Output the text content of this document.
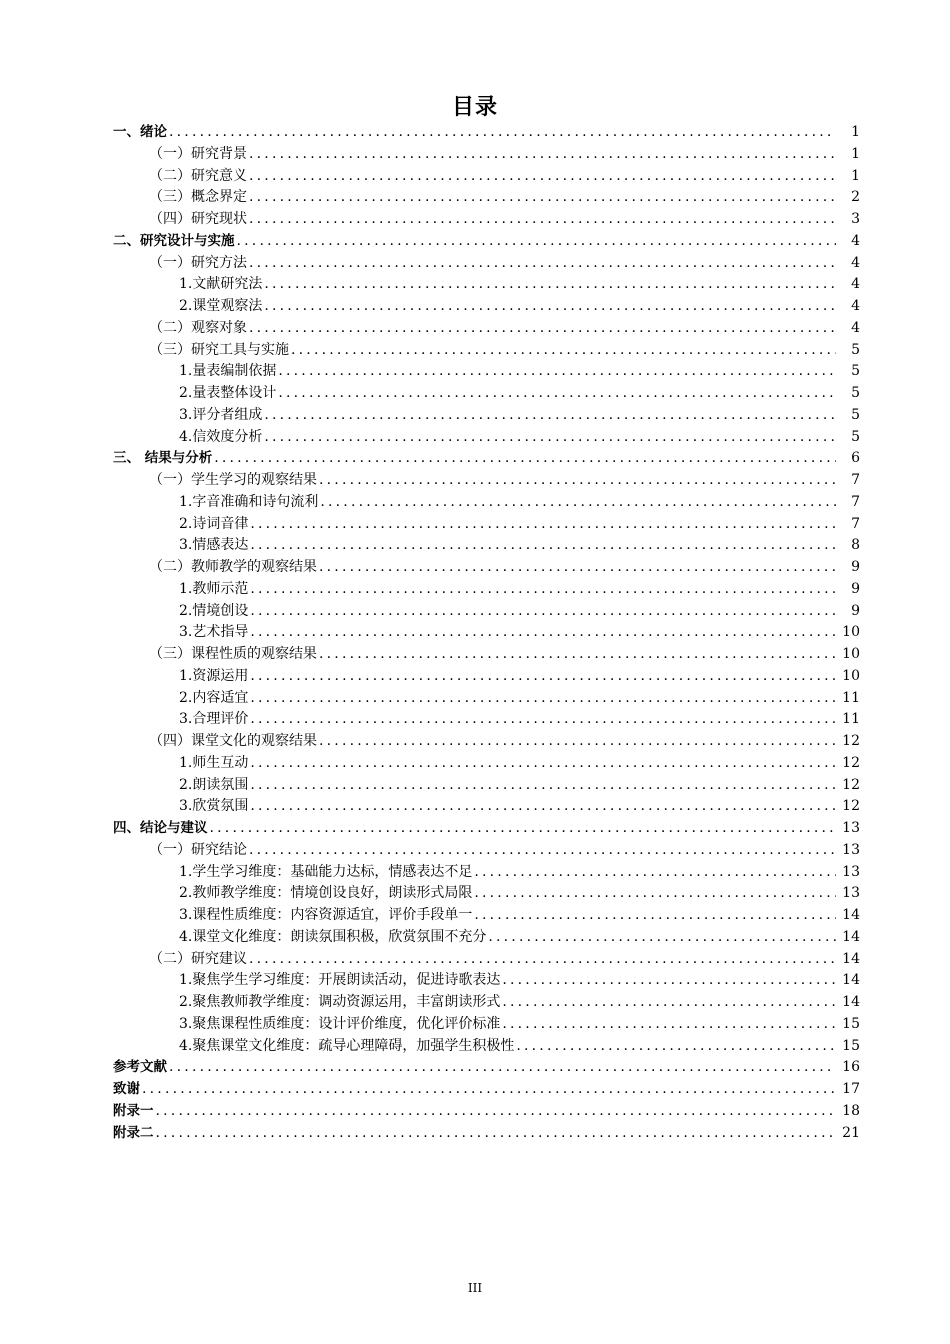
目录
一、绪论 .....	1
（一）研究背景 .....	1
（二）研究意义 .....	1
（三）概念界定 .....	2
（四）研究现状 .....	3
二、研究设计与实施 .....	4
（一）研究方法 .....	4
1.文献研究法 .....	4
2.课堂观察法 .....	4
（二）观察对象 .....	4
（三）研究工具与实施 .....	5
1.量表编制依据 .....	5
2.量表整体设计 .....	5
3.评分者组成 .....	5
4.信效度分析 .....	5
三、 结果与分析 .....	6
（一）学生学习的观察结果 .....	7
1.字音准确和诗句流利 .....	7
2.诗词音律 .....	7
3.情感表达 .....	8
（二）教师教学的观察结果 .....	9
1.教师示范 .....	9
2.情境创设 .....	9
3.艺术指导 .....	10
（三）课程性质的观察结果 .....	10
1.资源运用 .....	10
2.内容适宜 .....	11
3.合理评价 .....	11
（四）课堂文化的观察结果 .....	12
1.师生互动 .....	12
2.朗读氛围 .....	12
3.欣赏氛围 .....	12
四、结论与建议 .....	13
（一）研究结论 .....	13
1.学生学习维度：基础能力达标，情感表达不足 .....	13
2.教师教学维度：情境创设良好，朗读形式局限 .....	13
3.课程性质维度：内容资源适宜，评价手段单一 .....	14
4.课堂文化维度：朗读氛围积极，欣赏氛围不充分 .....	14
（二）研究建议 .....	14
1.聚焦学生学习维度：开展朗读活动，促进诗歌表达 .....	14
2.聚焦教师教学维度：调动资源运用，丰富朗读形式 .....	14
3.聚焦课程性质维度：设计评价维度，优化评价标准 .....	15
4.聚焦课堂文化维度：疏导心理障碍，加强学生积极性 .....	15
参考文献 .....	16
致谢 .....	17
附录一 .....	18
附录二 .....	21
III
